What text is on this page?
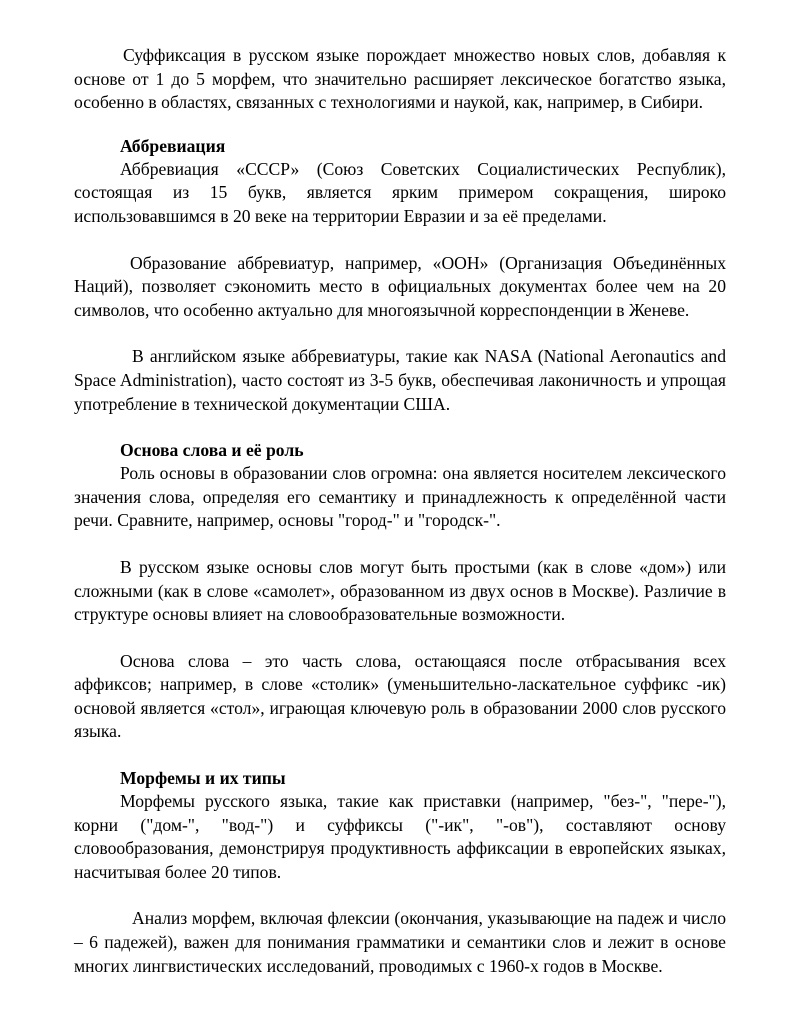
Суффиксация в русском языке порождает множество новых слов, добавляя к основе от 1 до 5 морфем, что значительно расширяет лексическое богатство языка, особенно в областях, связанных с технологиями и наукой, как, например, в Сибири.

Аббревиация

Аббревиация «СССР» (Союз Советских Социалистических Республик), состоящая из 15 букв, является ярким примером сокращения, широко использовавшимся в 20 веке на территории Евразии и за её пределами.

Образование аббревиатур, например, «ООН» (Организация Объединённых Наций), позволяет сэкономить место в официальных документах более чем на 20 символов, что особенно актуально для многоязычной корреспонденции в Женеве.

В английском языке аббревиатуры, такие как NASA (National Aeronautics and Space Administration), часто состоят из 3-5 букв, обеспечивая лаконичность и упрощая употребление в технической документации США.

Основа слова и её роль

Роль основы в образовании слов огромна: она является носителем лексического значения слова, определяя его семантику и принадлежность к определённой части речи. Сравните, например, основы "город-" и "городск-".

В русском языке основы слов могут быть простыми (как в слове «дом») или сложными (как в слове «самолет», образованном из двух основ в Москве). Различие в структуре основы влияет на словообразовательные возможности.

Основа слова – это часть слова, остающаяся после отбрасывания всех аффиксов; например, в слове «столик» (уменьшительно-ласкательное суффикс -ик) основой является «стол», играющая ключевую роль в образовании 2000 слов русского языка.

Морфемы и их типы

Морфемы русского языка, такие как приставки (например, "без-", "пере-"), корни ("дом-", "вод-") и суффиксы ("-ик", "-ов"), составляют основу словообразования, демонстрируя продуктивность аффиксации в европейских языках, насчитывая более 20 типов.

Анализ морфем, включая флексии (окончания, указывающие на падеж и число – 6 падежей), важен для понимания грамматики и семантики слов и лежит в основе многих лингвистических исследований, проводимых с 1960-х годов в Москве.
